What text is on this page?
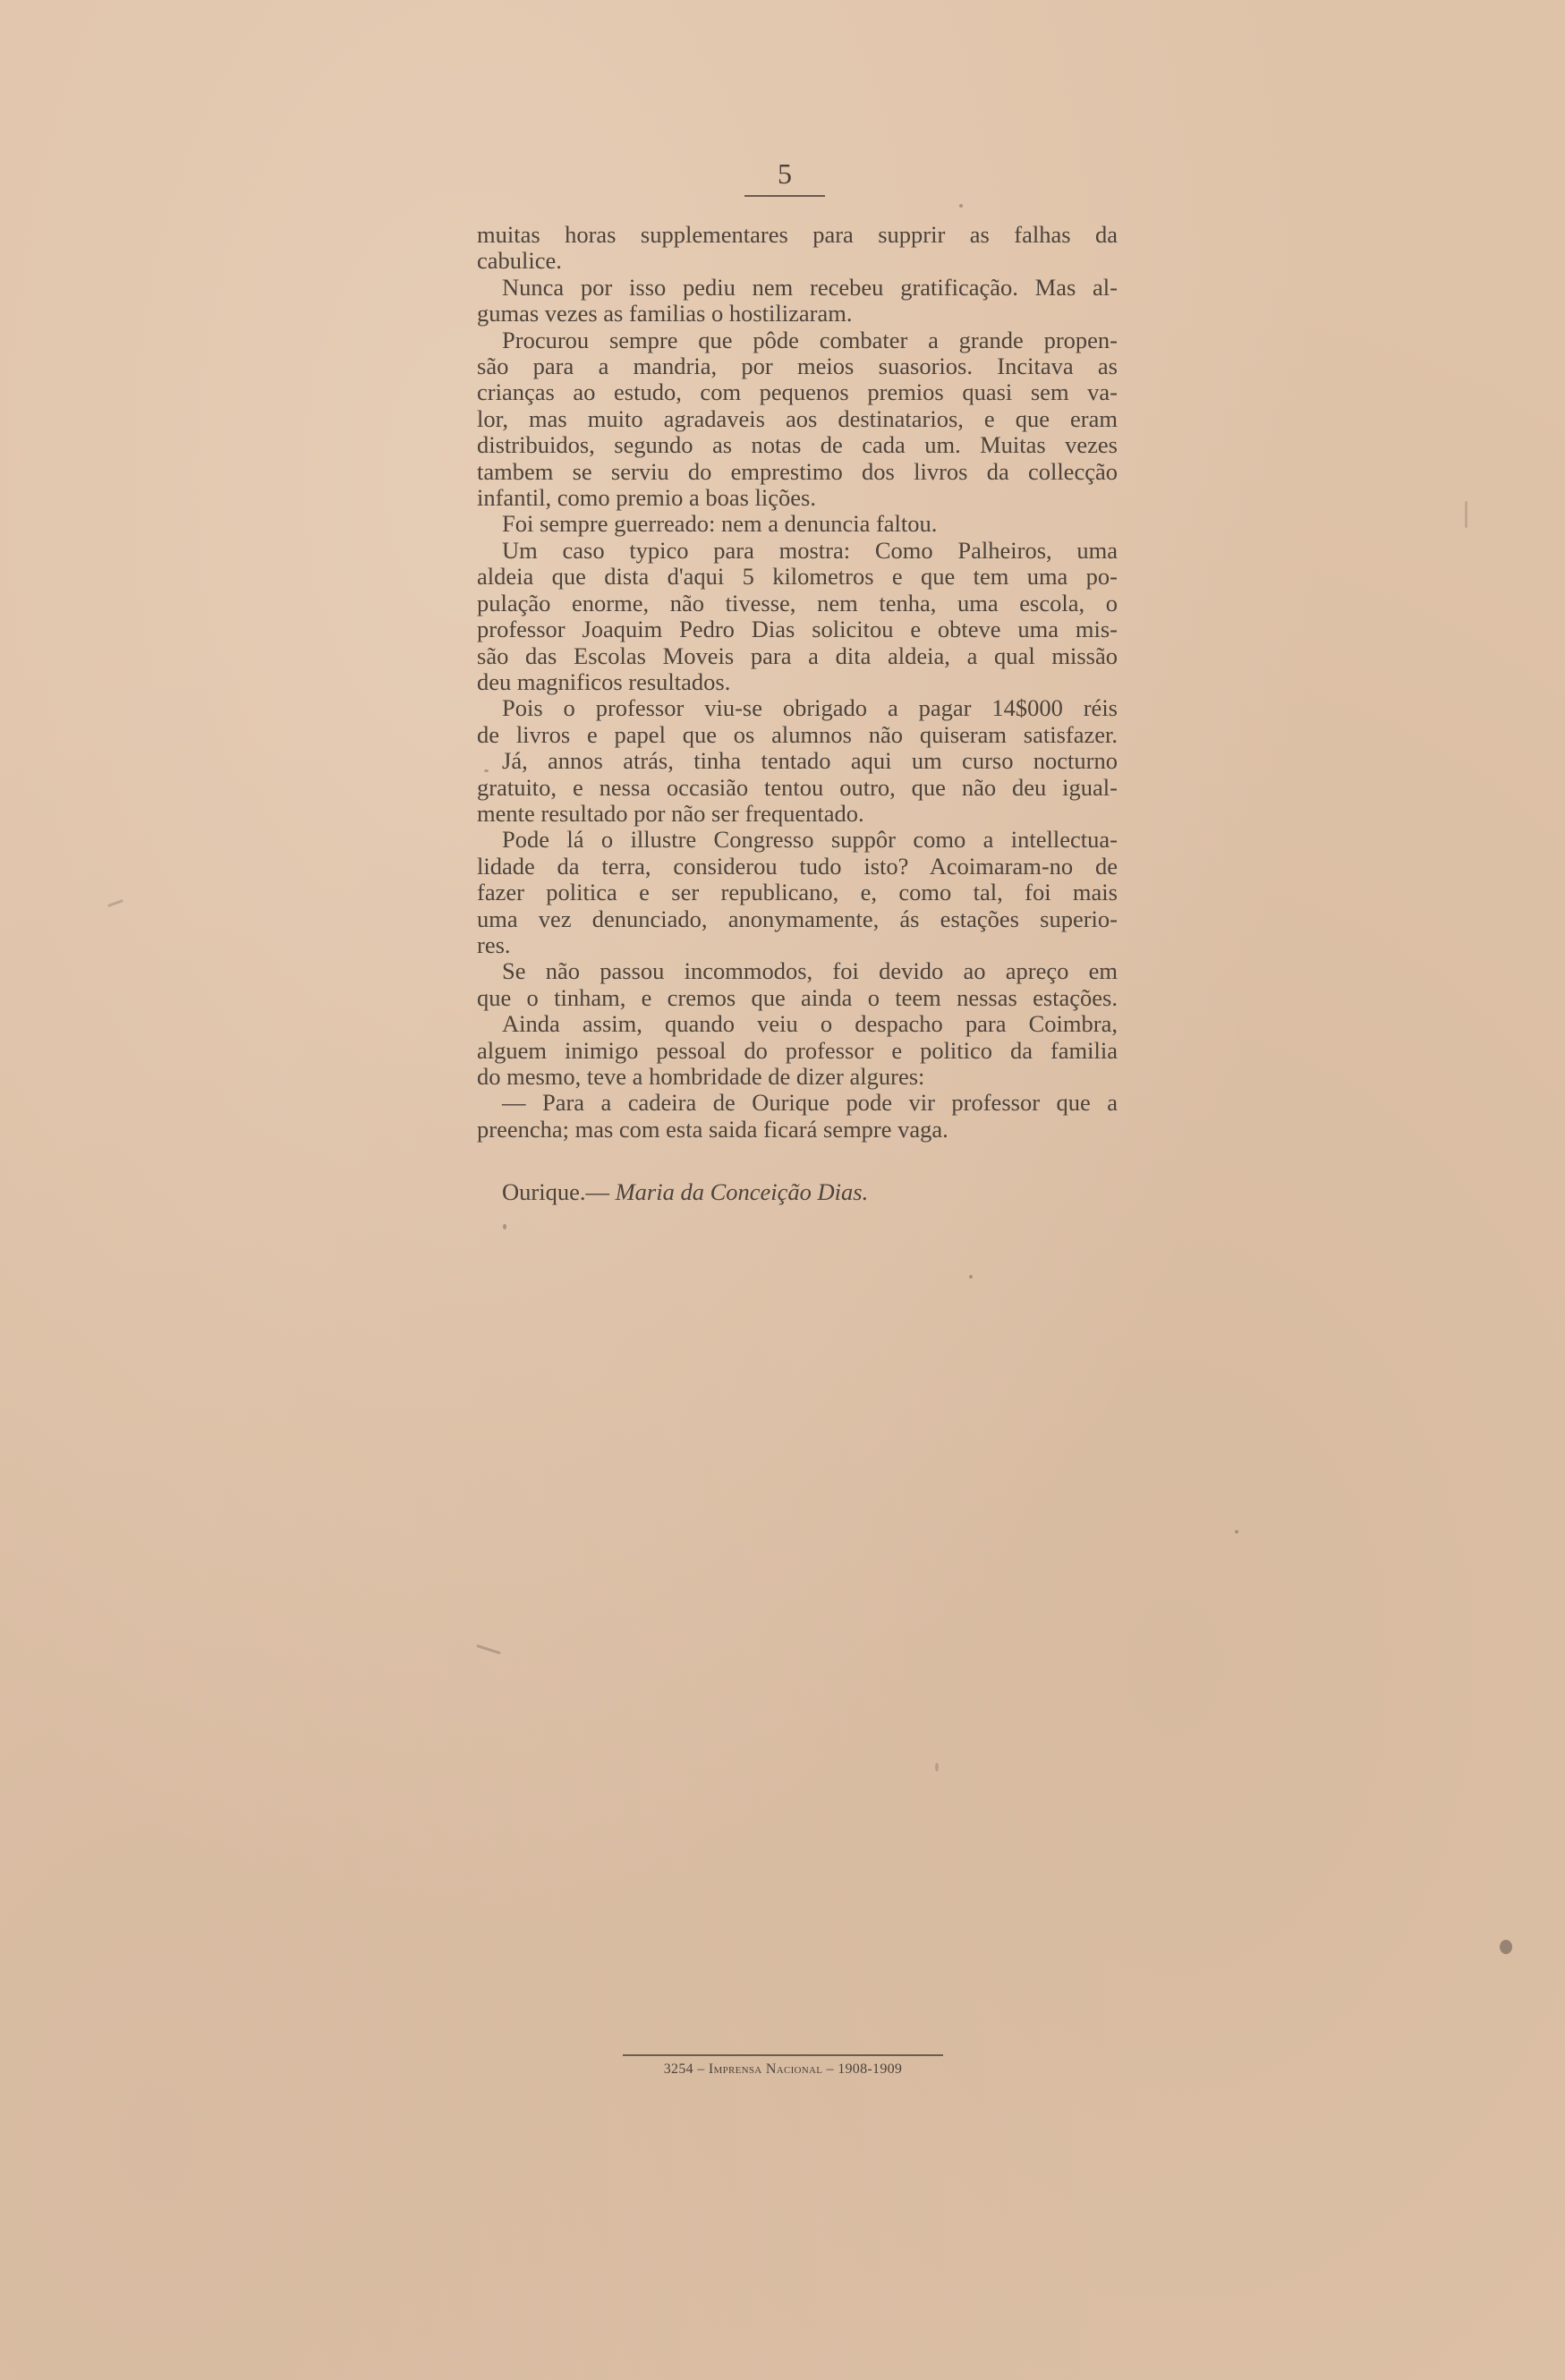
5
muitas horas supplementares para supprir as falhas da
cabulice.
Nunca por isso pediu nem recebeu gratificação. Mas al-
gumas vezes as familias o hostilizaram.
Procurou sempre que pôde combater a grande propen-
são para a mandria, por meios suasorios. Incitava as
crianças ao estudo, com pequenos premios quasi sem va-
lor, mas muito agradaveis aos destinatarios, e que eram
distribuidos, segundo as notas de cada um. Muitas vezes
tambem se serviu do emprestimo dos livros da collecção
infantil, como premio a boas lições.
Foi sempre guerreado: nem a denuncia faltou.
Um caso typico para mostra: Como Palheiros, uma
aldeia que dista d'aqui 5 kilometros e que tem uma po-
pulação enorme, não tivesse, nem tenha, uma escola, o
professor Joaquim Pedro Dias solicitou e obteve uma mis-
são das Escolas Moveis para a dita aldeia, a qual missão
deu magnificos resultados.
Pois o professor viu-se obrigado a pagar 14$000 réis
de livros e papel que os alumnos não quiseram satisfazer.
Já, annos atrás, tinha tentado aqui um curso nocturno
gratuito, e nessa occasião tentou outro, que não deu igual-
mente resultado por não ser frequentado.
Pode lá o illustre Congresso suppôr como a intellectua-
lidade da terra, considerou tudo isto? Acoimaram-no de
fazer politica e ser republicano, e, como tal, foi mais
uma vez denunciado, anonymamente, ás estações superio-
res.
Se não passou incommodos, foi devido ao apreço em
que o tinham, e cremos que ainda o teem nessas estações.
Ainda assim, quando veiu o despacho para Coimbra,
alguem inimigo pessoal do professor e politico da familia
do mesmo, teve a hombridade de dizer algures:
— Para a cadeira de Ourique pode vir professor que a
preencha; mas com esta saida ficará sempre vaga.
Ourique.— Maria da Conceição Dias.
3254 – Imprensa Nacional – 1908-1909
